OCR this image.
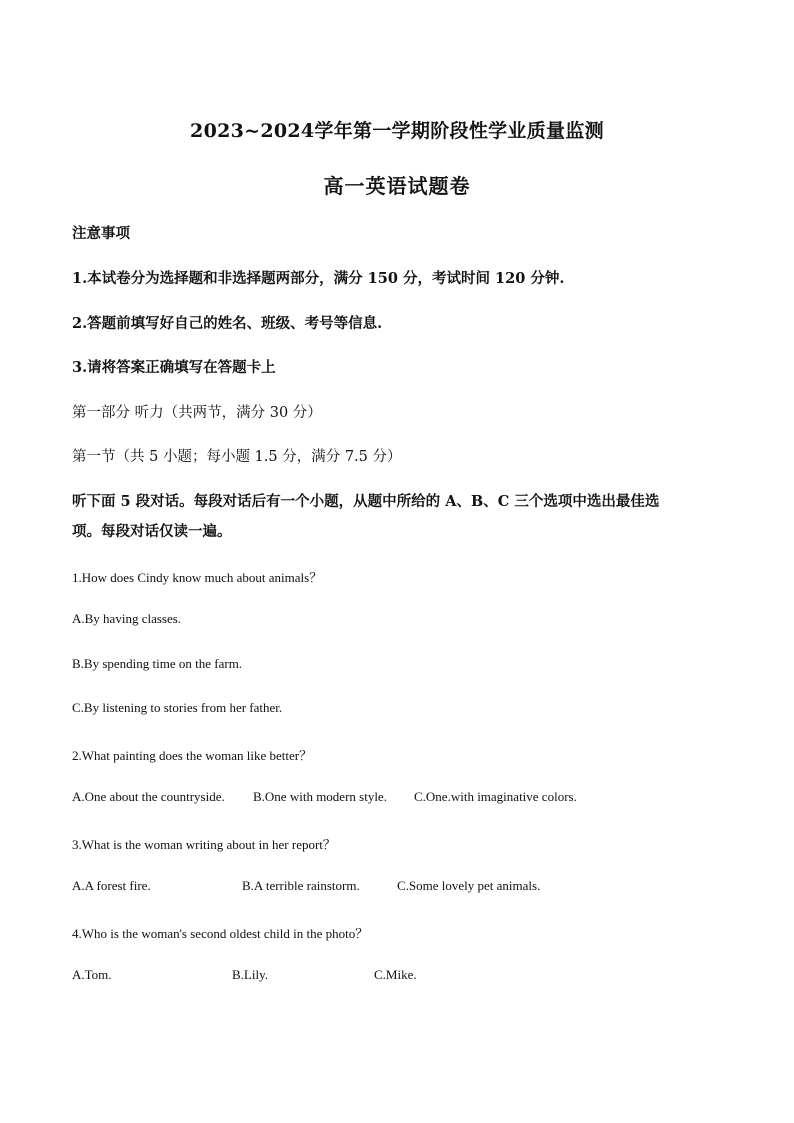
2023~2024学年第一学期阶段性学业质量监测
高一英语试题卷
注意事项
1.本试卷分为选择题和非选择题两部分，满分 150 分，考试时间 120 分钟.
2.答题前填写好自己的姓名、班级、考号等信息.
3.请将答案正确填写在答题卡上
第一部分 听力（共两节，满分 30 分）
第一节（共 5 小题；每小题 1.5 分，满分 7.5 分）
听下面 5 段对话。每段对话后有一个小题，从题中所给的 A、B、C 三个选项中选出最佳选
项。每段对话仅读一遍。
1.How does Cindy know much about animals？
A.By having classes.
B.By spending time on the farm.
C.By listening to stories from her father.
2.What painting does the woman like better？
A.One about the countryside. B.One with modern style. C.One.with imaginative colors.
3.What is the woman writing about in her report？
A.A forest fire.	B.A terrible rainstorm.	C.Some lovely pet animals.
4.Who is the woman's second oldest child in the photo？
A.Tom.	B.Lily.	C.Mike.
